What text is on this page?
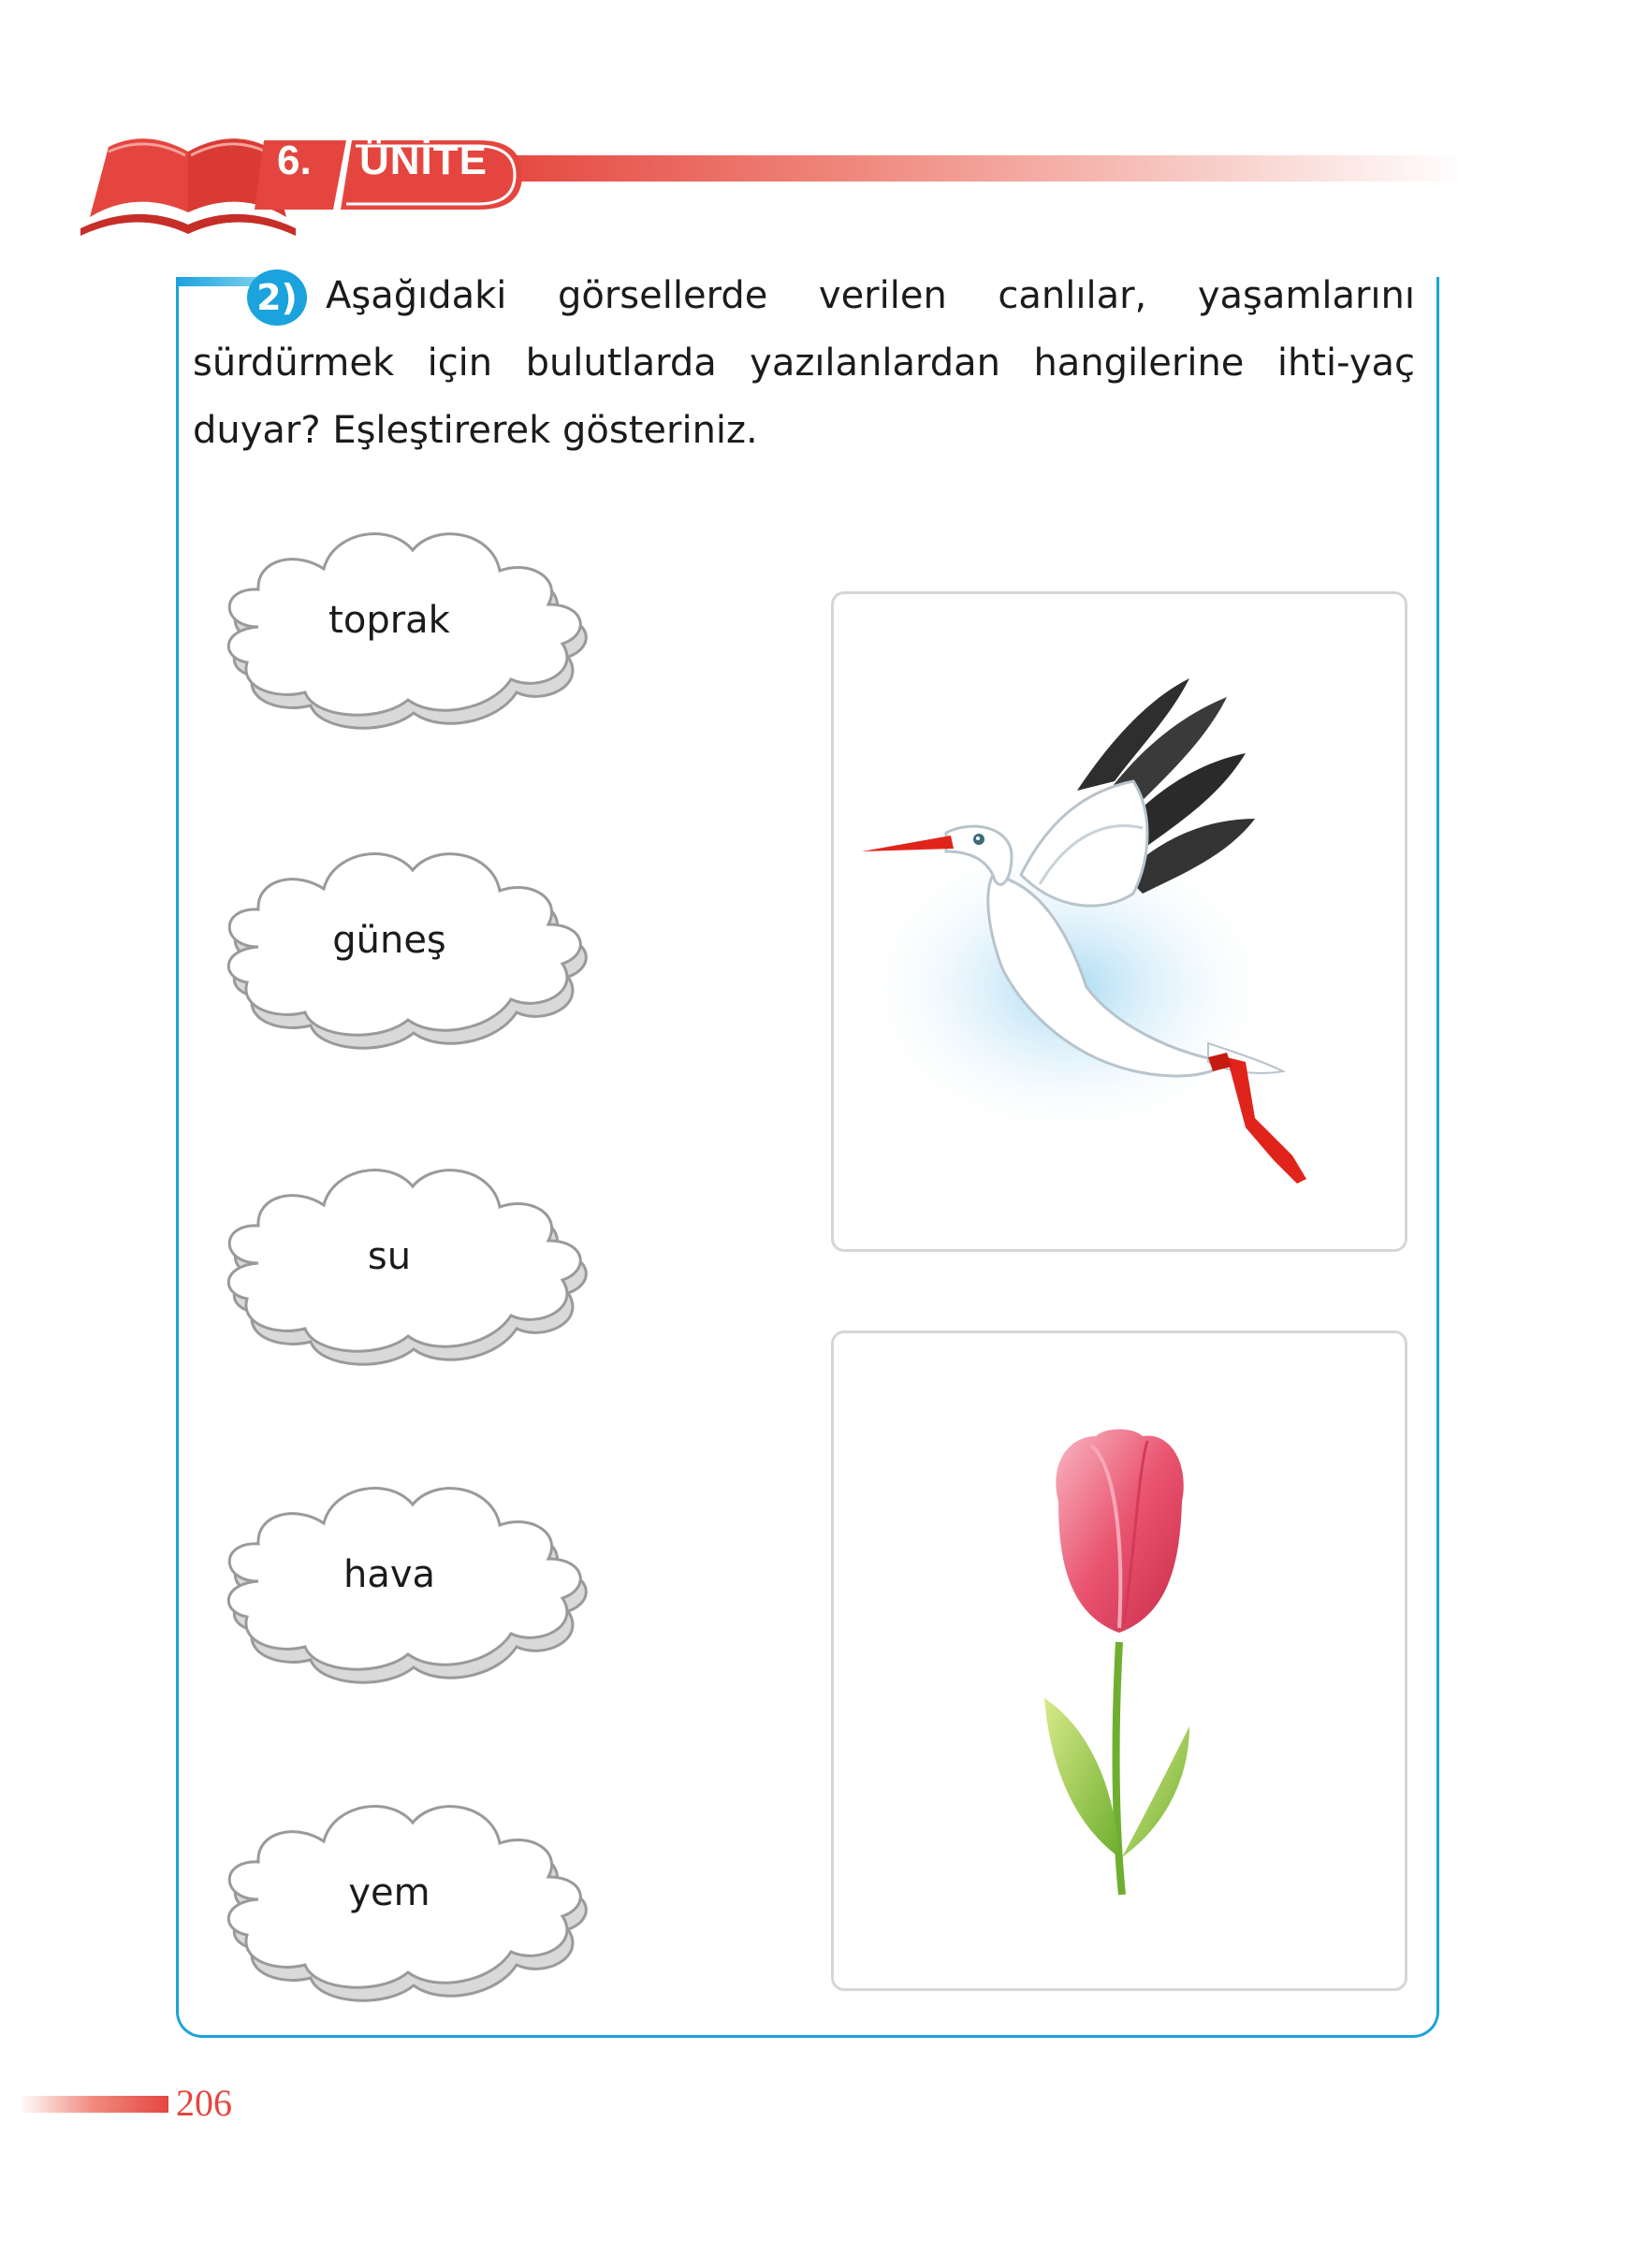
6. ÜNİTE

Aşağıdaki görsellerde verilen canlılar, yaşamlarını sürdürmek için bulutlarda yazılanlardan hangilerine ihti-yaç duyar? Eşleştirerek gösteriniz.

2)
toprak
güneş
su
hava
yem
206
